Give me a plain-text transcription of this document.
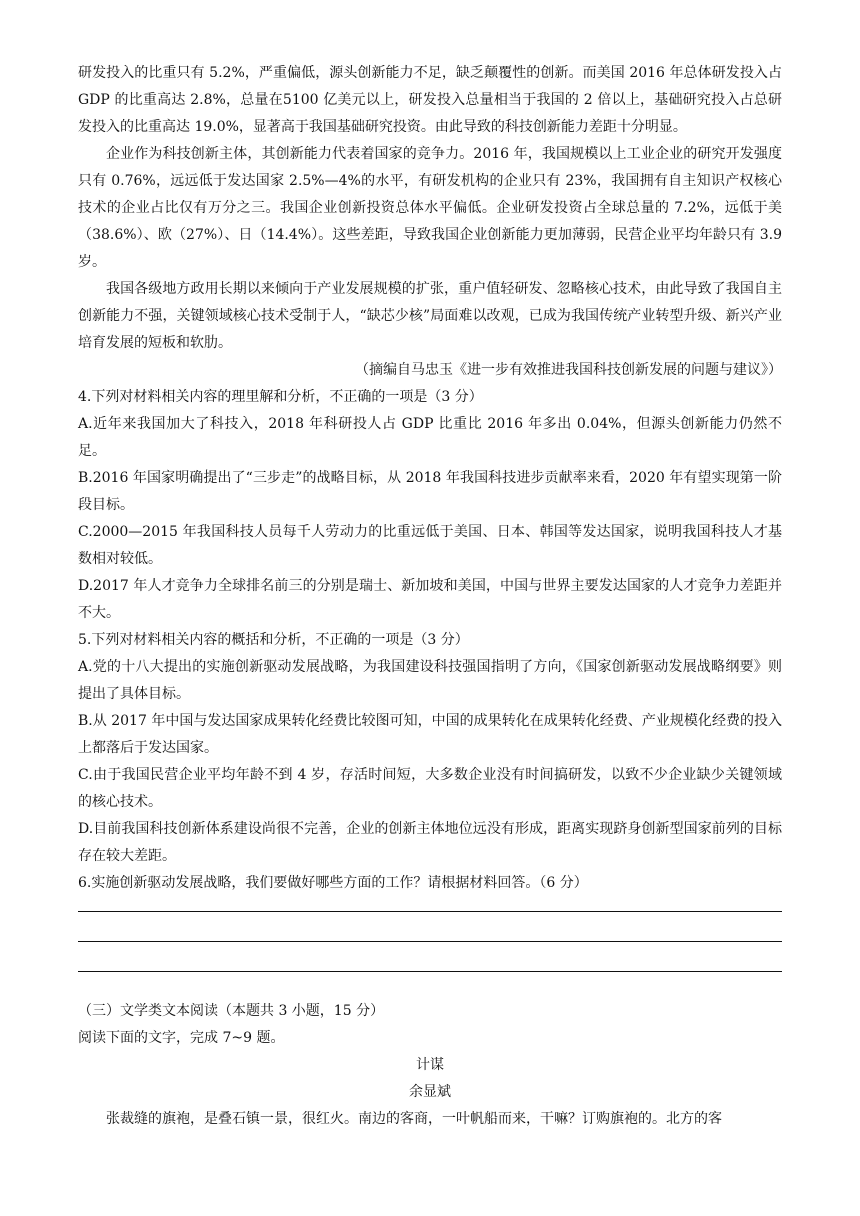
研发投入的比重只有 5.2%，严重偏低，源头创新能力不足，缺乏颠覆性的创新。而美国 2016 年总体研发投入占 GDP 的比重高达 2.8%，总量在5100 亿美元以上，研发投入总量相当于我国的 2 倍以上，基础研究投入占总研发投入的比重高达 19.0%，显著高于我国基础研究投资。由此导致的科技创新能力差距十分明显。

企业作为科技创新主体，其创新能力代表着国家的竞争力。2016 年，我国规模以上工业企业的研究开发强度只有 0.76%，远远低于发达国家 2.5%—4%的水平，有研发机构的企业只有 23%，我国拥有自主知识产权核心技术的企业占比仅有万分之三。我国企业创新投资总体水平偏低。企业研发投资占全球总量的 7.2%，远低于美（38.6%）、欧（27%）、日（14.4%）。这些差距，导致我国企业创新能力更加薄弱，民营企业平均年龄只有 3.9 岁。

我国各级地方政用长期以来倾向于产业发展规模的扩张，重户值轻研发、忽略核心技术，由此导致了我国自主创新能力不强，关键领域核心技术受制于人，“缺芯少核”局面难以改观，已成为我国传统产业转型升级、新兴产业培育发展的短板和软肋。

（摘编自马忠玉《进一步有效推进我国科技创新发展的问题与建议》）

4.下列对材料相关内容的理里解和分析，不正确的一项是（3 分）

A.近年来我国加大了科技入，2018 年科研投人占 GDP 比重比 2016 年多出 0.04%，但源头创新能力仍然不足。

B.2016 年国家明确提出了“三步走”的战略目标，从 2018 年我国科技进步贡献率来看，2020 年有望实现第一阶段目标。

C.2000—2015 年我国科技人员每千人劳动力的比重远低于美国、日本、韩国等发达国家，说明我国科技人才基数相对较低。

D.2017 年人才竞争力全球排名前三的分别是瑞士、新加坡和美国，中国与世界主要发达国家的人才竞争力差距并不大。

5.下列对材料相关内容的概括和分析，不正确的一项是（3 分）

A.党的十八大提出的实施创新驱动发展战略，为我国建设科技强国指明了方向，《国家创新驱动发展战略纲要》则提出了具体目标。

B.从 2017 年中国与发达国家成果转化经费比较图可知，中国的成果转化在成果转化经费、产业规模化经费的投入上都落后于发达国家。

C.由于我国民营企业平均年龄不到 4 岁，存活时间短，大多数企业没有时间搞研发，以致不少企业缺少关键领域的核心技术。

D.目前我国科技创新体系建设尚很不完善，企业的创新主体地位远没有形成，距离实现跻身创新型国家前列的目标存在较大差距。

6.实施创新驱动发展战略，我们要做好哪些方面的工作？请根据材料回答。（6 分）

（三）文学类文本阅读（本题共 3 小题，15 分）

阅读下面的文字，完成 7~9 题。

计谋

余显斌

张裁缝的旗袍，是叠石镇一景，很红火。南边的客商，一叶帆船而来，干嘛？订购旗袍的。北方的客
